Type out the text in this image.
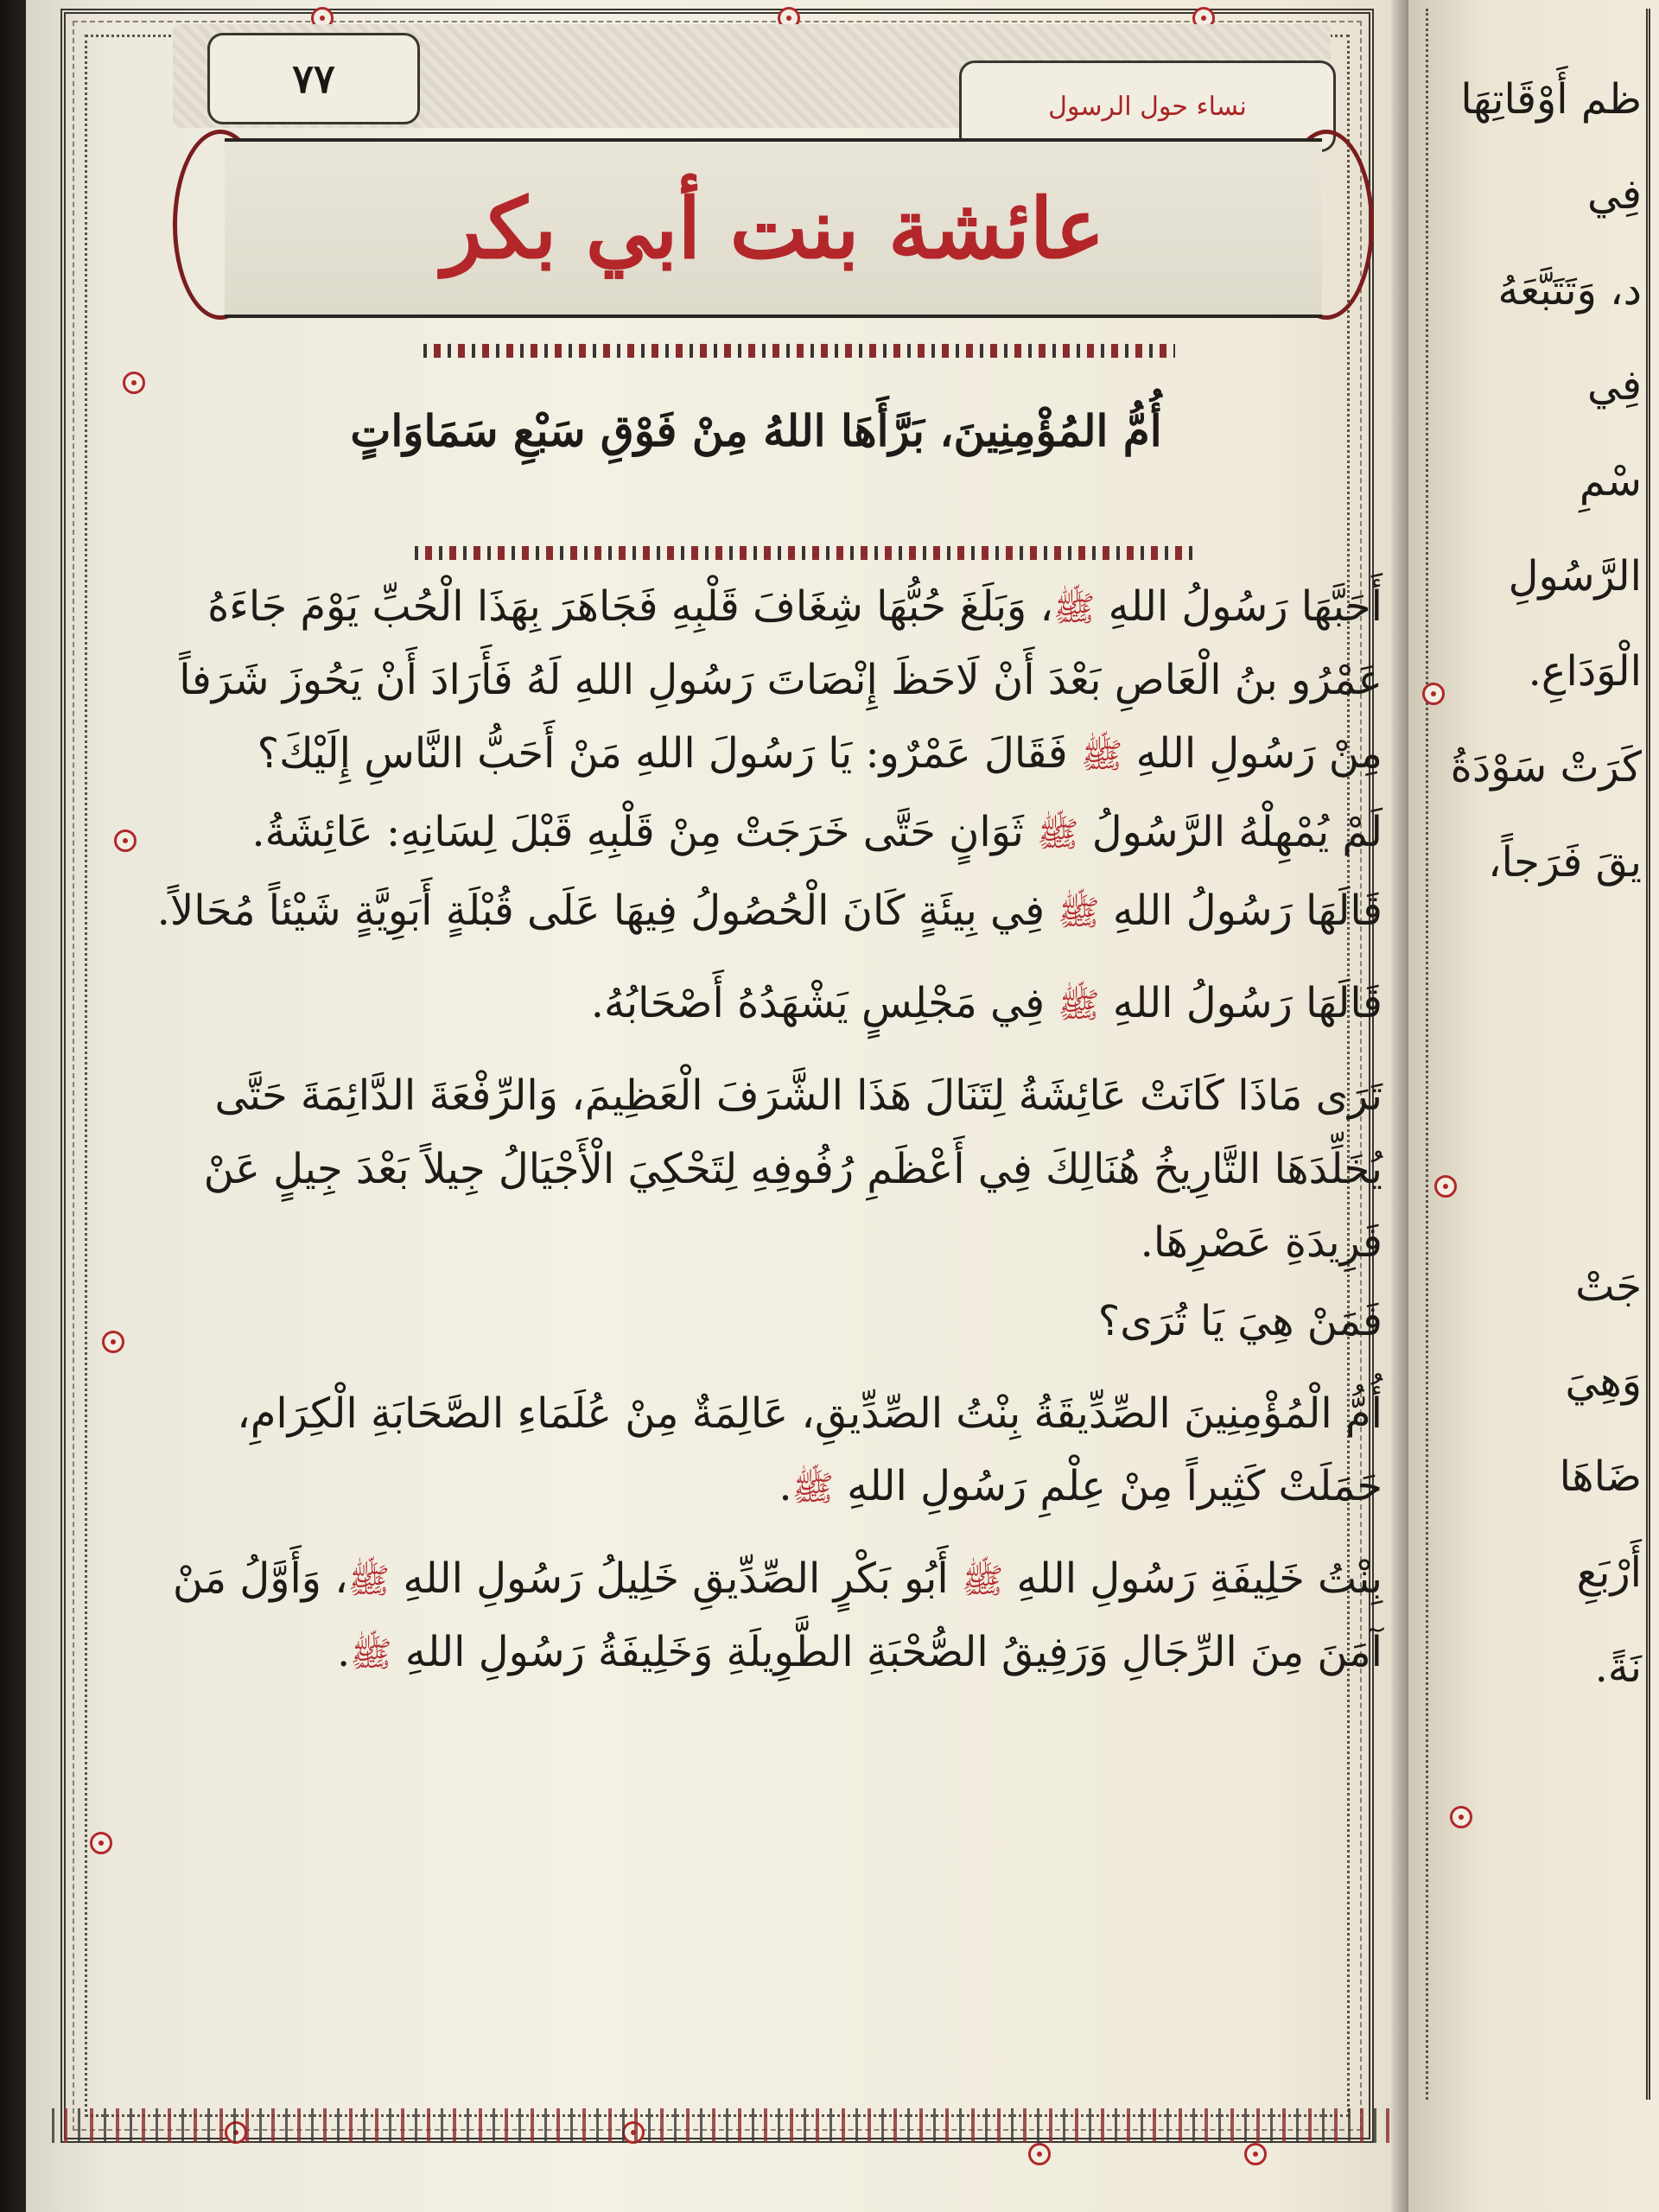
ظم أَوْقَاتِهَا فِي
د، وَتَتَبَّعَهُ فِي
سْمِ الرَّسُولِ
الْوَدَاعِ.
كَرَتْ سَوْدَةُ
يقَ فَرَجاً،
جَتْ
وَهِيَ
ضَاهَا
أَرْبَعِ
نَةً.
٧٧
نساء حول الرسول
عائشة بنت أبي بكر
أُمُّ المُؤْمِنِينَ، بَرَّأَهَا اللهُ مِنْ فَوْقِ سَبْعِ سَمَاوَاتٍ

أَحَبَّهَا رَسُولُ اللهِ ﷺ، وَبَلَغَ حُبُّهَا شِغَافَ قَلْبِهِ فَجَاهَرَ بِهَذَا الْحُبِّ يَوْمَ جَاءَهُ عَمْرُو بنُ الْعَاصِ بَعْدَ أَنْ لَاحَظَ إِنْصَاتَ رَسُولِ اللهِ لَهُ فَأَرَادَ أَنْ يَحُوزَ شَرَفاً مِنْ رَسُولِ اللهِ ﷺ فَقَالَ عَمْرٌو: يَا رَسُولَ اللهِ مَنْ أَحَبُّ النَّاسِ إِلَيْكَ؟

لَمْ يُمْهِلْهُ الرَّسُولُ ﷺ ثَوَانٍ حَتَّى خَرَجَتْ مِنْ قَلْبِهِ قَبْلَ لِسَانِهِ: عَائِشَةُ.

قَالَهَا رَسُولُ اللهِ ﷺ فِي بِيئَةٍ كَانَ الْحُصُولُ فِيهَا عَلَى قُبْلَةٍ أَبَوِيَّةٍ شَيْئاً مُحَالاً.

قَالَهَا رَسُولُ اللهِ ﷺ فِي مَجْلِسٍ يَشْهَدُهُ أَصْحَابُهُ.

تَرَى مَاذَا كَانَتْ عَائِشَةُ لِتَنَالَ هَذَا الشَّرَفَ الْعَظِيمَ، وَالرِّفْعَةَ الدَّائِمَةَ حَتَّى يُخَلِّدَهَا التَّارِيخُ هُنَالِكَ فِي أَعْظَمِ رُفُوفِهِ لِتَحْكِيَ الْأَجْيَالُ جِيلاً بَعْدَ جِيلٍ عَنْ فَرِيدَةِ عَصْرِهَا.

فَمَنْ هِيَ يَا تُرَى؟

أُمُّ الْمُؤْمِنِينَ الصِّدِّيقَةُ بِنْتُ الصِّدِّيقِ، عَالِمَةٌ مِنْ عُلَمَاءِ الصَّحَابَةِ الْكِرَامِ، حَمَلَتْ كَثِيراً مِنْ عِلْمِ رَسُولِ اللهِ ﷺ.

بِنْتُ خَلِيفَةِ رَسُولِ اللهِ ﷺ أَبُو بَكْرٍ الصِّدِّيقِ خَلِيلُ رَسُولِ اللهِ ﷺ، وَأَوَّلُ مَنْ آمَنَ مِنَ الرِّجَالِ وَرَفِيقُ الصُّحْبَةِ الطَّوِيلَةِ وَخَلِيفَةُ رَسُولِ اللهِ ﷺ.
